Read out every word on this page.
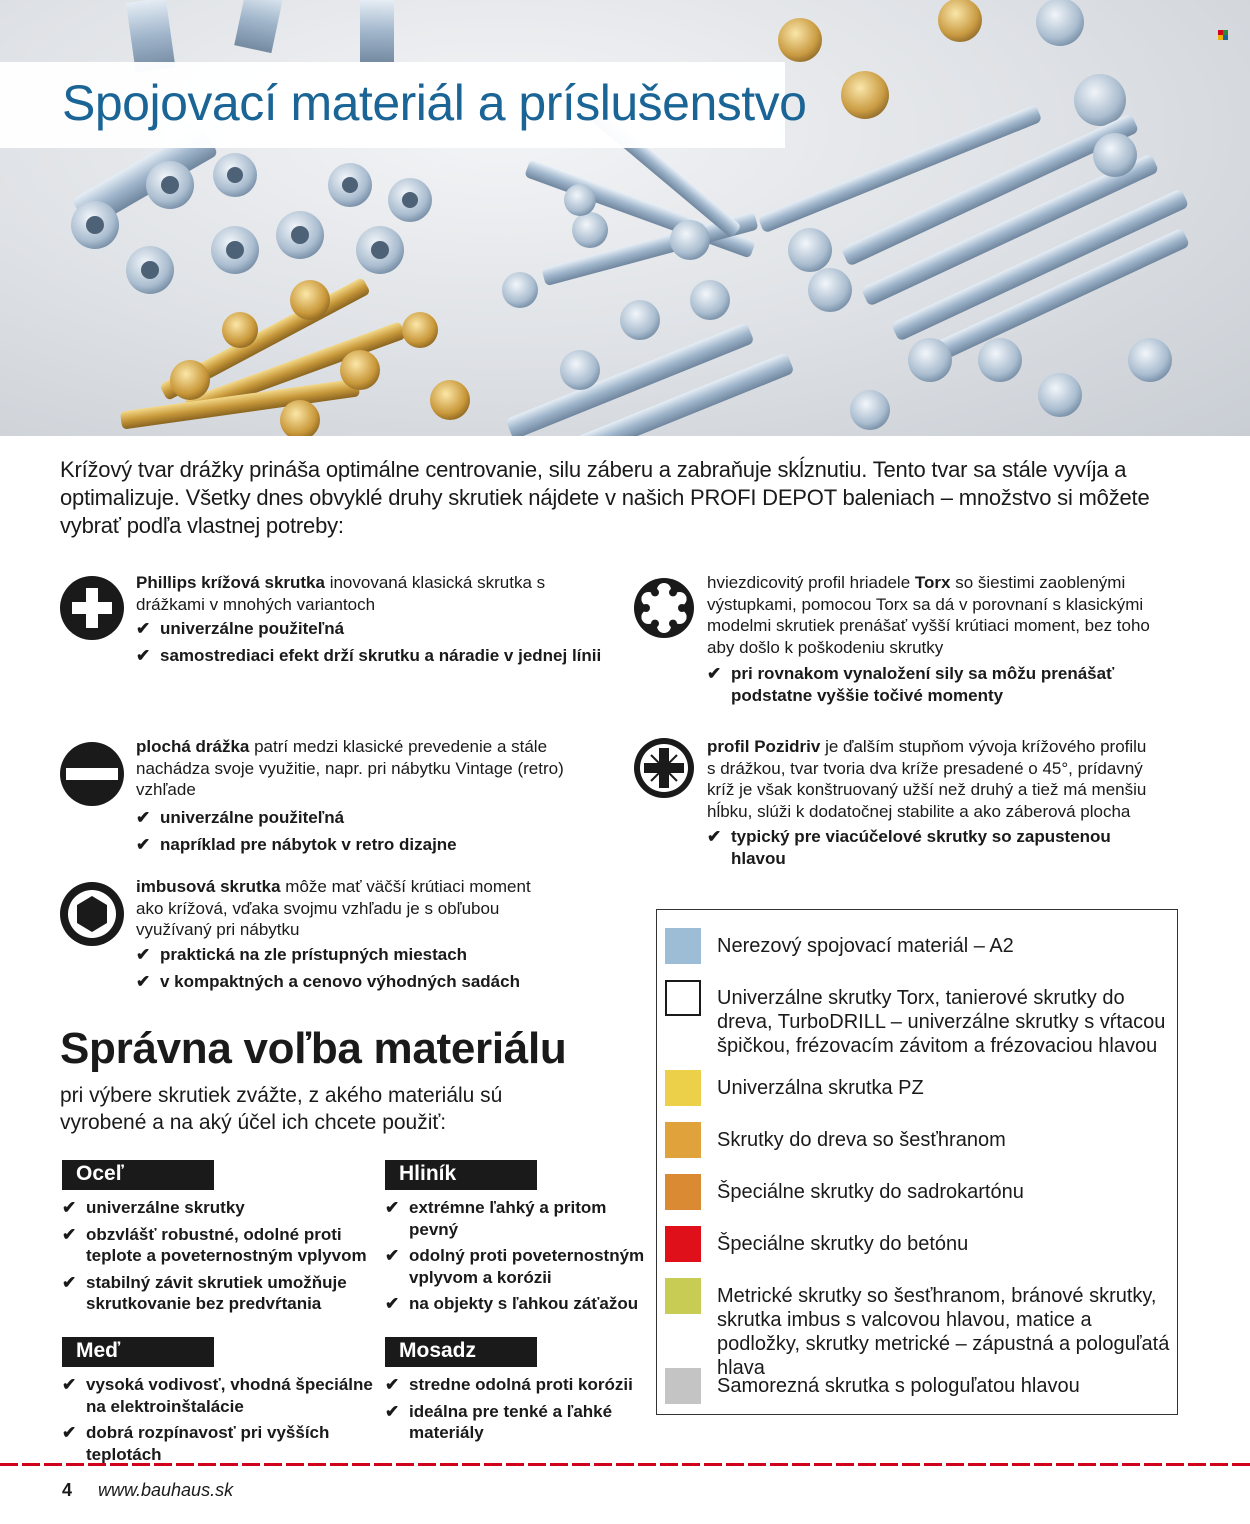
Spojovací materiál a príslušenstvo

Krížový tvar drážky prináša optimálne centrovanie, silu záberu a zabraňuje skĺznutiu. Tento tvar sa stále vyvíja a optimalizuje. Všetky dnes obvyklé druhy skrutiek nájdete v našich PROFI DEPOT baleniach – množstvo si môžete vybrať podľa vlastnej potreby:

Phillips krížová skrutka inovovaná klasická skrutka s drážkami v mnohých variantoch
✔ univerzálne použiteľná
✔ samostrediaci efekt drží skrutku a náradie v jednej línii
plochá drážka patrí medzi klasické prevedenie a stále nachádza svoje využitie, napr. pri nábytku Vintage (retro) vzhľade
✔ univerzálne použiteľná
✔ napríklad pre nábytok v retro dizajne
imbusová skrutka môže mať väčší krútiaci moment ako krížová, vďaka svojmu vzhľadu je s obľubou využívaný pri nábytku
✔ praktická na zle prístupných miestach
✔ v kompaktných a cenovo výhodných sadách
hviezdicovitý profil hriadele Torx so šiestimi zaoblenými výstupkami, pomocou Torx sa dá v porovnaní s klasickými modelmi skrutiek prenášať vyšší krútiaci moment, bez toho aby došlo k poškodeniu skrutky
✔ pri rovnakom vynaložení sily sa môžu prenášať podstatne vyššie točivé momenty
profil Pozidriv je ďalším stupňom vývoja krížového profilu s drážkou, tvar tvoria dva kríže presadené o 45°, prídavný kríž je však konštruovaný užší než druhý a tiež má menšiu hĺbku, slúži k dodatočnej stabilite a ako záberová plocha
✔ typický pre viacúčelové skrutky so zapustenou hlavou
Správna voľba materiálu

pri výbere skrutiek zvážte, z akého materiálu sú vyrobené a na aký účel ich chcete použiť:

Oceľ
✔ univerzálne skrutky
✔ obzvlášť robustné, odolné proti teplote a poveternostným vplyvom
✔ stabilný závit skrutiek umožňuje skrutkovanie bez predvŕtania
Hliník
✔ extrémne ľahký a pritom pevný
✔ odolný proti poveternostným vplyvom a korózii
✔ na objekty s ľahkou záťažou
Meď
✔ vysoká vodivosť, vhodná špeciálne na elektroinštalácie
✔ dobrá rozpínavosť pri vyšších teplotách
Mosadz
✔ stredne odolná proti korózii
✔ ideálna pre tenké a ľahké materiály
Nerezový spojovací materiál – A2
Univerzálne skrutky Torx, tanierové skrutky do dreva, TurboDRILL – univerzálne skrutky s vŕtacou špičkou, frézovacím závitom a frézovaciou hlavou
Univerzálna skrutka PZ
Skrutky do dreva so šesťhranom
Špeciálne skrutky do sadrokartónu
Špeciálne skrutky do betónu
Metrické skrutky so šesťhranom, bránové skrutky, skrutka imbus s valcovou hlavou, matice a podložky, skrutky metrické – zápustná a pologuľatá hlava
Samorezná skrutka s pologuľatou hlavou
4 www.bauhaus.sk
